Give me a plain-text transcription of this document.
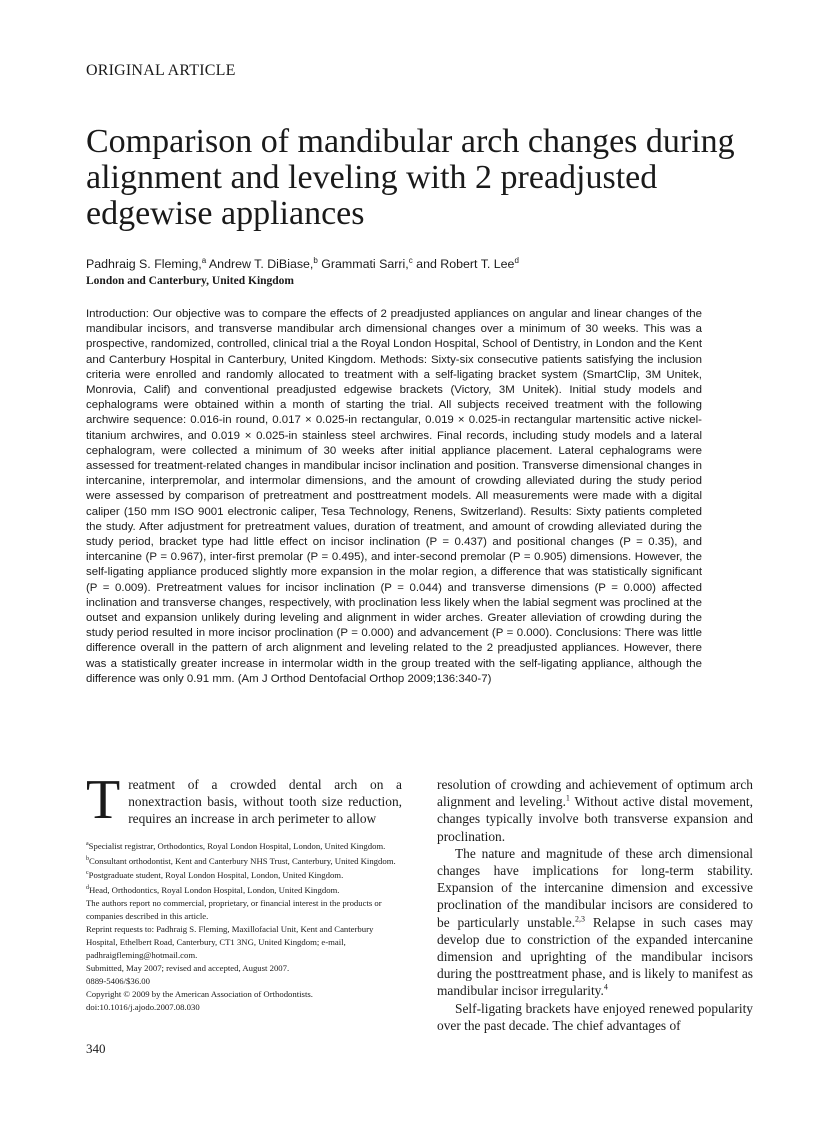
ORIGINAL ARTICLE
Comparison of mandibular arch changes during alignment and leveling with 2 preadjusted edgewise appliances
Padhraig S. Fleming,$^a$ Andrew T. DiBiase,$^b$ Grammati Sarri,$^c$ and Robert T. Lee$^d$
London and Canterbury, United Kingdom

Introduction: Our objective was to compare the effects of 2 preadjusted appliances on angular and linear changes of the mandibular incisors, and transverse mandibular arch dimensional changes over a minimum of 30 weeks. This was a prospective, randomized, controlled, clinical trial a the Royal London Hospital, School of Dentistry, in London and the Kent and Canterbury Hospital in Canterbury, United Kingdom. Methods: Sixty-six consecutive patients satisfying the inclusion criteria were enrolled and randomly allocated to treatment with a self-ligating bracket system (SmartClip, 3M Unitek, Monrovia, Calif) and conventional preadjusted edgewise brackets (Victory, 3M Unitek). Initial study models and cephalograms were obtained within a month of starting the trial. All subjects received treatment with the following archwire sequence: 0.016-in round, 0.017 × 0.025-in rectangular, 0.019 × 0.025-in rectangular martensitic active nickel-titanium archwires, and 0.019 × 0.025-in stainless steel archwires. Final records, including study models and a lateral cephalogram, were collected a minimum of 30 weeks after initial appliance placement. Lateral cephalograms were assessed for treatment-related changes in mandibular incisor inclination and position. Transverse dimensional changes in intercanine, interpremolar, and intermolar dimensions, and the amount of crowding alleviated during the study period were assessed by comparison of pretreatment and posttreatment models. All measurements were made with a digital caliper (150 mm ISO 9001 electronic caliper, Tesa Technology, Renens, Switzerland). Results: Sixty patients completed the study. After adjustment for pretreatment values, duration of treatment, and amount of crowding alleviated during the study period, bracket type had little effect on incisor inclination (P = 0.437) and positional changes (P = 0.35), and intercanine (P = 0.967), inter-first premolar (P = 0.495), and inter-second premolar (P = 0.905) dimensions. However, the self-ligating appliance produced slightly more expansion in the molar region, a difference that was statistically significant (P = 0.009). Pretreatment values for incisor inclination (P = 0.044) and transverse dimensions (P = 0.000) affected inclination and transverse changes, respectively, with proclination less likely when the labial segment was proclined at the outset and expansion unlikely during leveling and alignment in wider arches. Greater alleviation of crowding during the study period resulted in more incisor proclination (P = 0.000) and advancement (P = 0.000). Conclusions: There was little difference overall in the pattern of arch alignment and leveling related to the 2 preadjusted appliances. However, there was a statistically greater increase in intermolar width in the group treated with the self-ligating appliance, although the difference was only 0.91 mm. (Am J Orthod Dentofacial Orthop 2009;136:340-7)

Treatment of a crowded dental arch on a nonextraction basis, without tooth size reduction, requires an increase in arch perimeter to allow

$^a$Specialist registrar, Orthodontics, Royal London Hospital, London, United Kingdom.
$^b$Consultant orthodontist, Kent and Canterbury NHS Trust, Canterbury, United Kingdom.
$^c$Postgraduate student, Royal London Hospital, London, United Kingdom.
$^d$Head, Orthodontics, Royal London Hospital, London, United Kingdom.
The authors report no commercial, proprietary, or financial interest in the products or companies described in this article.
Reprint requests to: Padhraig S. Fleming, Maxillofacial Unit, Kent and Canterbury Hospital, Ethelbert Road, Canterbury, CT1 3NG, United Kingdom; e-mail, padhraigfleming@hotmail.com.
Submitted, May 2007; revised and accepted, August 2007.
0889-5406/$36.00
Copyright © 2009 by the American Association of Orthodontists.
doi:10.1016/j.ajodo.2007.08.030

resolution of crowding and achievement of optimum arch alignment and leveling.$^1$ Without active distal movement, changes typically involve both transverse expansion and proclination.

The nature and magnitude of these arch dimensional changes have implications for long-term stability. Expansion of the intercanine dimension and excessive proclination of the mandibular incisors are considered to be particularly unstable.$^{2,3}$ Relapse in such cases may develop due to constriction of the expanded intercanine dimension and uprighting of the mandibular incisors during the posttreatment phase, and is likely to manifest as mandibular incisor irregularity.$^4$

Self-ligating brackets have enjoyed renewed popularity over the past decade. The chief advantages of

340
